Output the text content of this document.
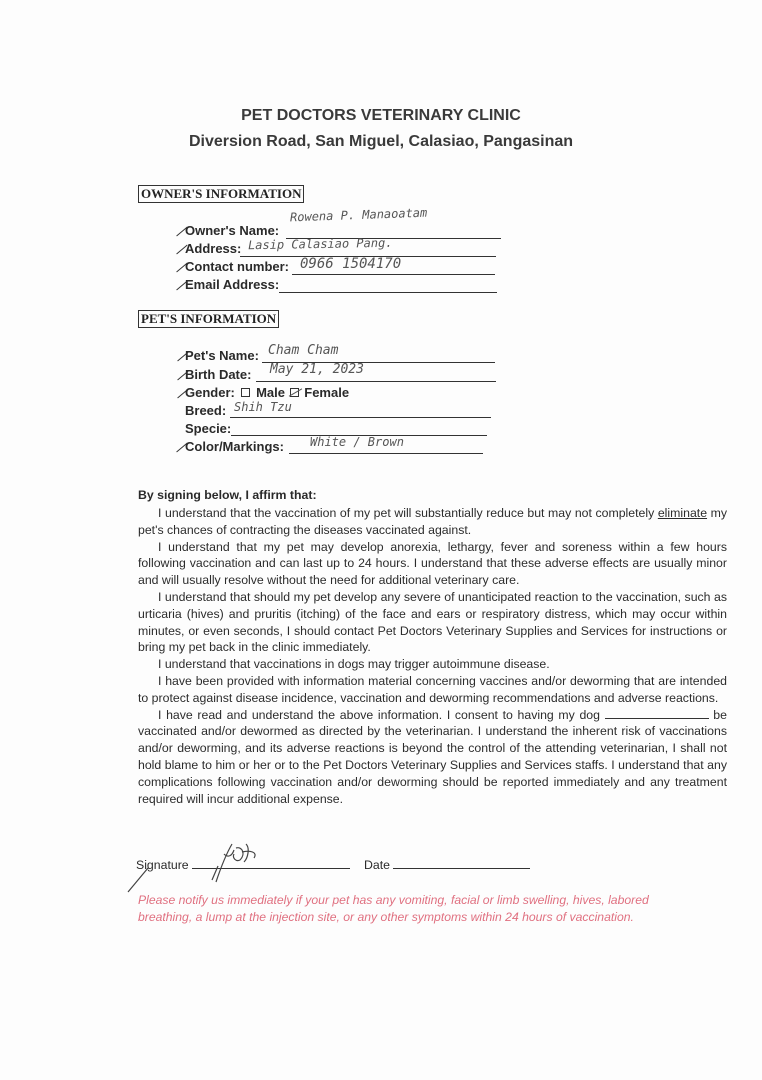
PET DOCTORS VETERINARY CLINIC
Diversion Road, San Miguel, Calasiao, Pangasinan
OWNER'S INFORMATION
Owner's Name:
Rowena P. Manaoatam
Address: Lasip Calasiao Pang.
Contact number: 0966 1504170
Email Address:
PET'S INFORMATION
Pet's Name: Cham Cham
Birth Date: May 21, 2023
Gender: Male Female
Breed: Shih Tzu
Specie:
Color/Markings: White / Brown
By signing below, I affirm that:

I understand that the vaccination of my pet will substantially reduce but may not completely eliminate my pet's chances of contracting the diseases vaccinated against.

I understand that my pet may develop anorexia, lethargy, fever and soreness within a few hours following vaccination and can last up to 24 hours. I understand that these adverse effects are usually minor and will usually resolve without the need for additional veterinary care.

I understand that should my pet develop any severe of unanticipated reaction to the vaccination, such as urticaria (hives) and pruritis (itching) of the face and ears or respiratory distress, which may occur within minutes, or even seconds, I should contact Pet Doctors Veterinary Supplies and Services for instructions or bring my pet back in the clinic immediately.

I understand that vaccinations in dogs may trigger autoimmune disease.

I have been provided with information material concerning vaccines and/or deworming that are intended to protect against disease incidence, vaccination and deworming recommendations and adverse reactions.

I have read and understand the above information. I consent to having my dog	be vaccinated and/or dewormed as directed by the veterinarian. I understand the inherent risk of vaccinations and/or deworming, and its adverse reactions is beyond the control of the attending veterinarian, I shall not hold blame to him or her or to the Pet Doctors Veterinary Supplies and Services staffs. I understand that any complications following vaccination and/or deworming should be reported immediately and any treatment required will incur additional expense.

Signature	Date
Please notify us immediately if your pet has any vomiting, facial or limb swelling, hives, labored breathing, a lump at the injection site, or any other symptoms within 24 hours of vaccination.
